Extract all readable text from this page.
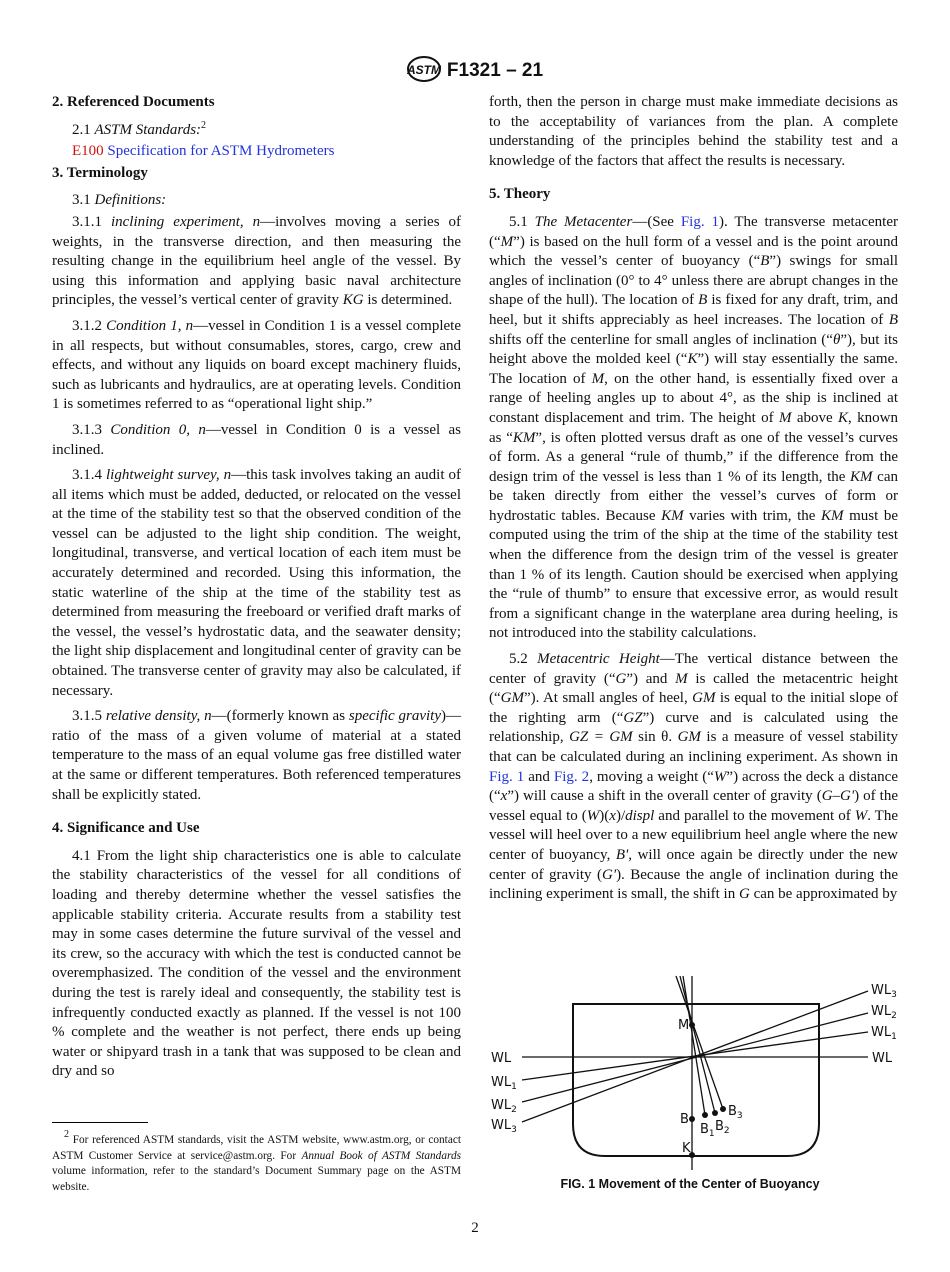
ASTM F1321 – 21
2. Referenced Documents

2.1 ASTM Standards:$^2$

E100 Specification for ASTM Hydrometers

3. Terminology

3.1 Definitions:

3.1.1 inclining experiment, n—involves moving a series of weights, in the transverse direction, and then measuring the resulting change in the equilibrium heel angle of the vessel. By using this information and applying basic naval architecture principles, the vessel’s vertical center of gravity KG is determined.

3.1.2 Condition 1, n—vessel in Condition 1 is a vessel complete in all respects, but without consumables, stores, cargo, crew and effects, and without any liquids on board except machinery fluids, such as lubricants and hydraulics, are at operating levels. Condition 1 is sometimes referred to as “operational light ship.”

3.1.3 Condition 0, n—vessel in Condition 0 is a vessel as inclined.

3.1.4 lightweight survey, n—this task involves taking an audit of all items which must be added, deducted, or relocated on the vessel at the time of the stability test so that the observed condition of the vessel can be adjusted to the light ship condition. The weight, longitudinal, transverse, and vertical location of each item must be accurately determined and recorded. Using this information, the static waterline of the ship at the time of the stability test as determined from measuring the freeboard or verified draft marks of the vessel, the vessel’s hydrostatic data, and the seawater density; the light ship displacement and longitudinal center of gravity can be obtained. The transverse center of gravity may also be calculated, if necessary.

3.1.5 relative density, n—(formerly known as specific gravity)—ratio of the mass of a given volume of material at a stated temperature to the mass of an equal volume gas free distilled water at the same or different temperatures. Both referenced temperatures shall be explicitly stated.

4. Significance and Use

4.1 From the light ship characteristics one is able to calculate the stability characteristics of the vessel for all conditions of loading and thereby determine whether the vessel satisfies the applicable stability criteria. Accurate results from a stability test may in some cases determine the future survival of the vessel and its crew, so the accuracy with which the test is conducted cannot be overemphasized. The condition of the vessel and the environment during the test is rarely ideal and consequently, the stability test is infrequently conducted exactly as planned. If the vessel is not 100 % complete and the weather is not perfect, there ends up being water or shipyard trash in a tank that was supposed to be clean and dry and so

forth, then the person in charge must make immediate decisions as to the acceptability of variances from the plan. A complete understanding of the principles behind the stability test and a knowledge of the factors that affect the results is necessary.

5. Theory

5.1 The Metacenter—(See Fig. 1). The transverse metacenter (“M”) is based on the hull form of a vessel and is the point around which the vessel’s center of buoyancy (“B”) swings for small angles of inclination (0° to 4° unless there are abrupt changes in the shape of the hull). The location of B is fixed for any draft, trim, and heel, but it shifts appreciably as heel increases. The location of B shifts off the centerline for small angles of inclination (“θ”), but its height above the molded keel (“K”) will stay essentially the same. The location of M, on the other hand, is essentially fixed over a range of heeling angles up to about 4°, as the ship is inclined at constant displacement and trim. The height of M above K, known as “KM”, is often plotted versus draft as one of the vessel’s curves of form. As a general “rule of thumb,” if the difference from the design trim of the vessel is less than 1 % of its length, the KM can be taken directly from either the vessel’s curves of form or hydrostatic tables. Because KM varies with trim, the KM must be computed using the trim of the ship at the time of the stability test when the difference from the design trim of the vessel is greater than 1 % of its length. Caution should be exercised when applying the “rule of thumb” to ensure that excessive error, as would result from a significant change in the waterplane area during heeling, is not introduced into the stability calculations.

5.2 Metacentric Height—The vertical distance between the center of gravity (“G”) and M is called the metacentric height (“GM”). At small angles of heel, GM is equal to the initial slope of the righting arm (“GZ”) curve and is calculated using the relationship, GZ = GM sin θ. GM is a measure of vessel stability that can be calculated during an inclining experiment. As shown in Fig. 1 and Fig. 2, moving a weight (“W”) across the deck a distance (“x”) will cause a shift in the overall center of gravity (G–G') of the vessel equal to (W)(x)/displ and parallel to the movement of W. The vessel will heel over to a new equilibrium heel angle where the new center of buoyancy, B', will once again be directly under the new center of gravity (G'). Because the angle of inclination during the inclining experiment is small, the shift in G can be approximated by

2 For referenced ASTM standards, visit the ASTM website, www.astm.org, or contact ASTM Customer Service at service@astm.org. For Annual Book of ASTM Standards volume information, refer to the standard’s Document Summary page on the ASTM website.

M
B
K
$B_1$ $B_2$
$B_3$
WL	WL
$WL_1$
$WL_2$
$WL_3$
$WL_1$
$WL_2$
$WL_3$
FIG. 1 Movement of the Center of Buoyancy
2
